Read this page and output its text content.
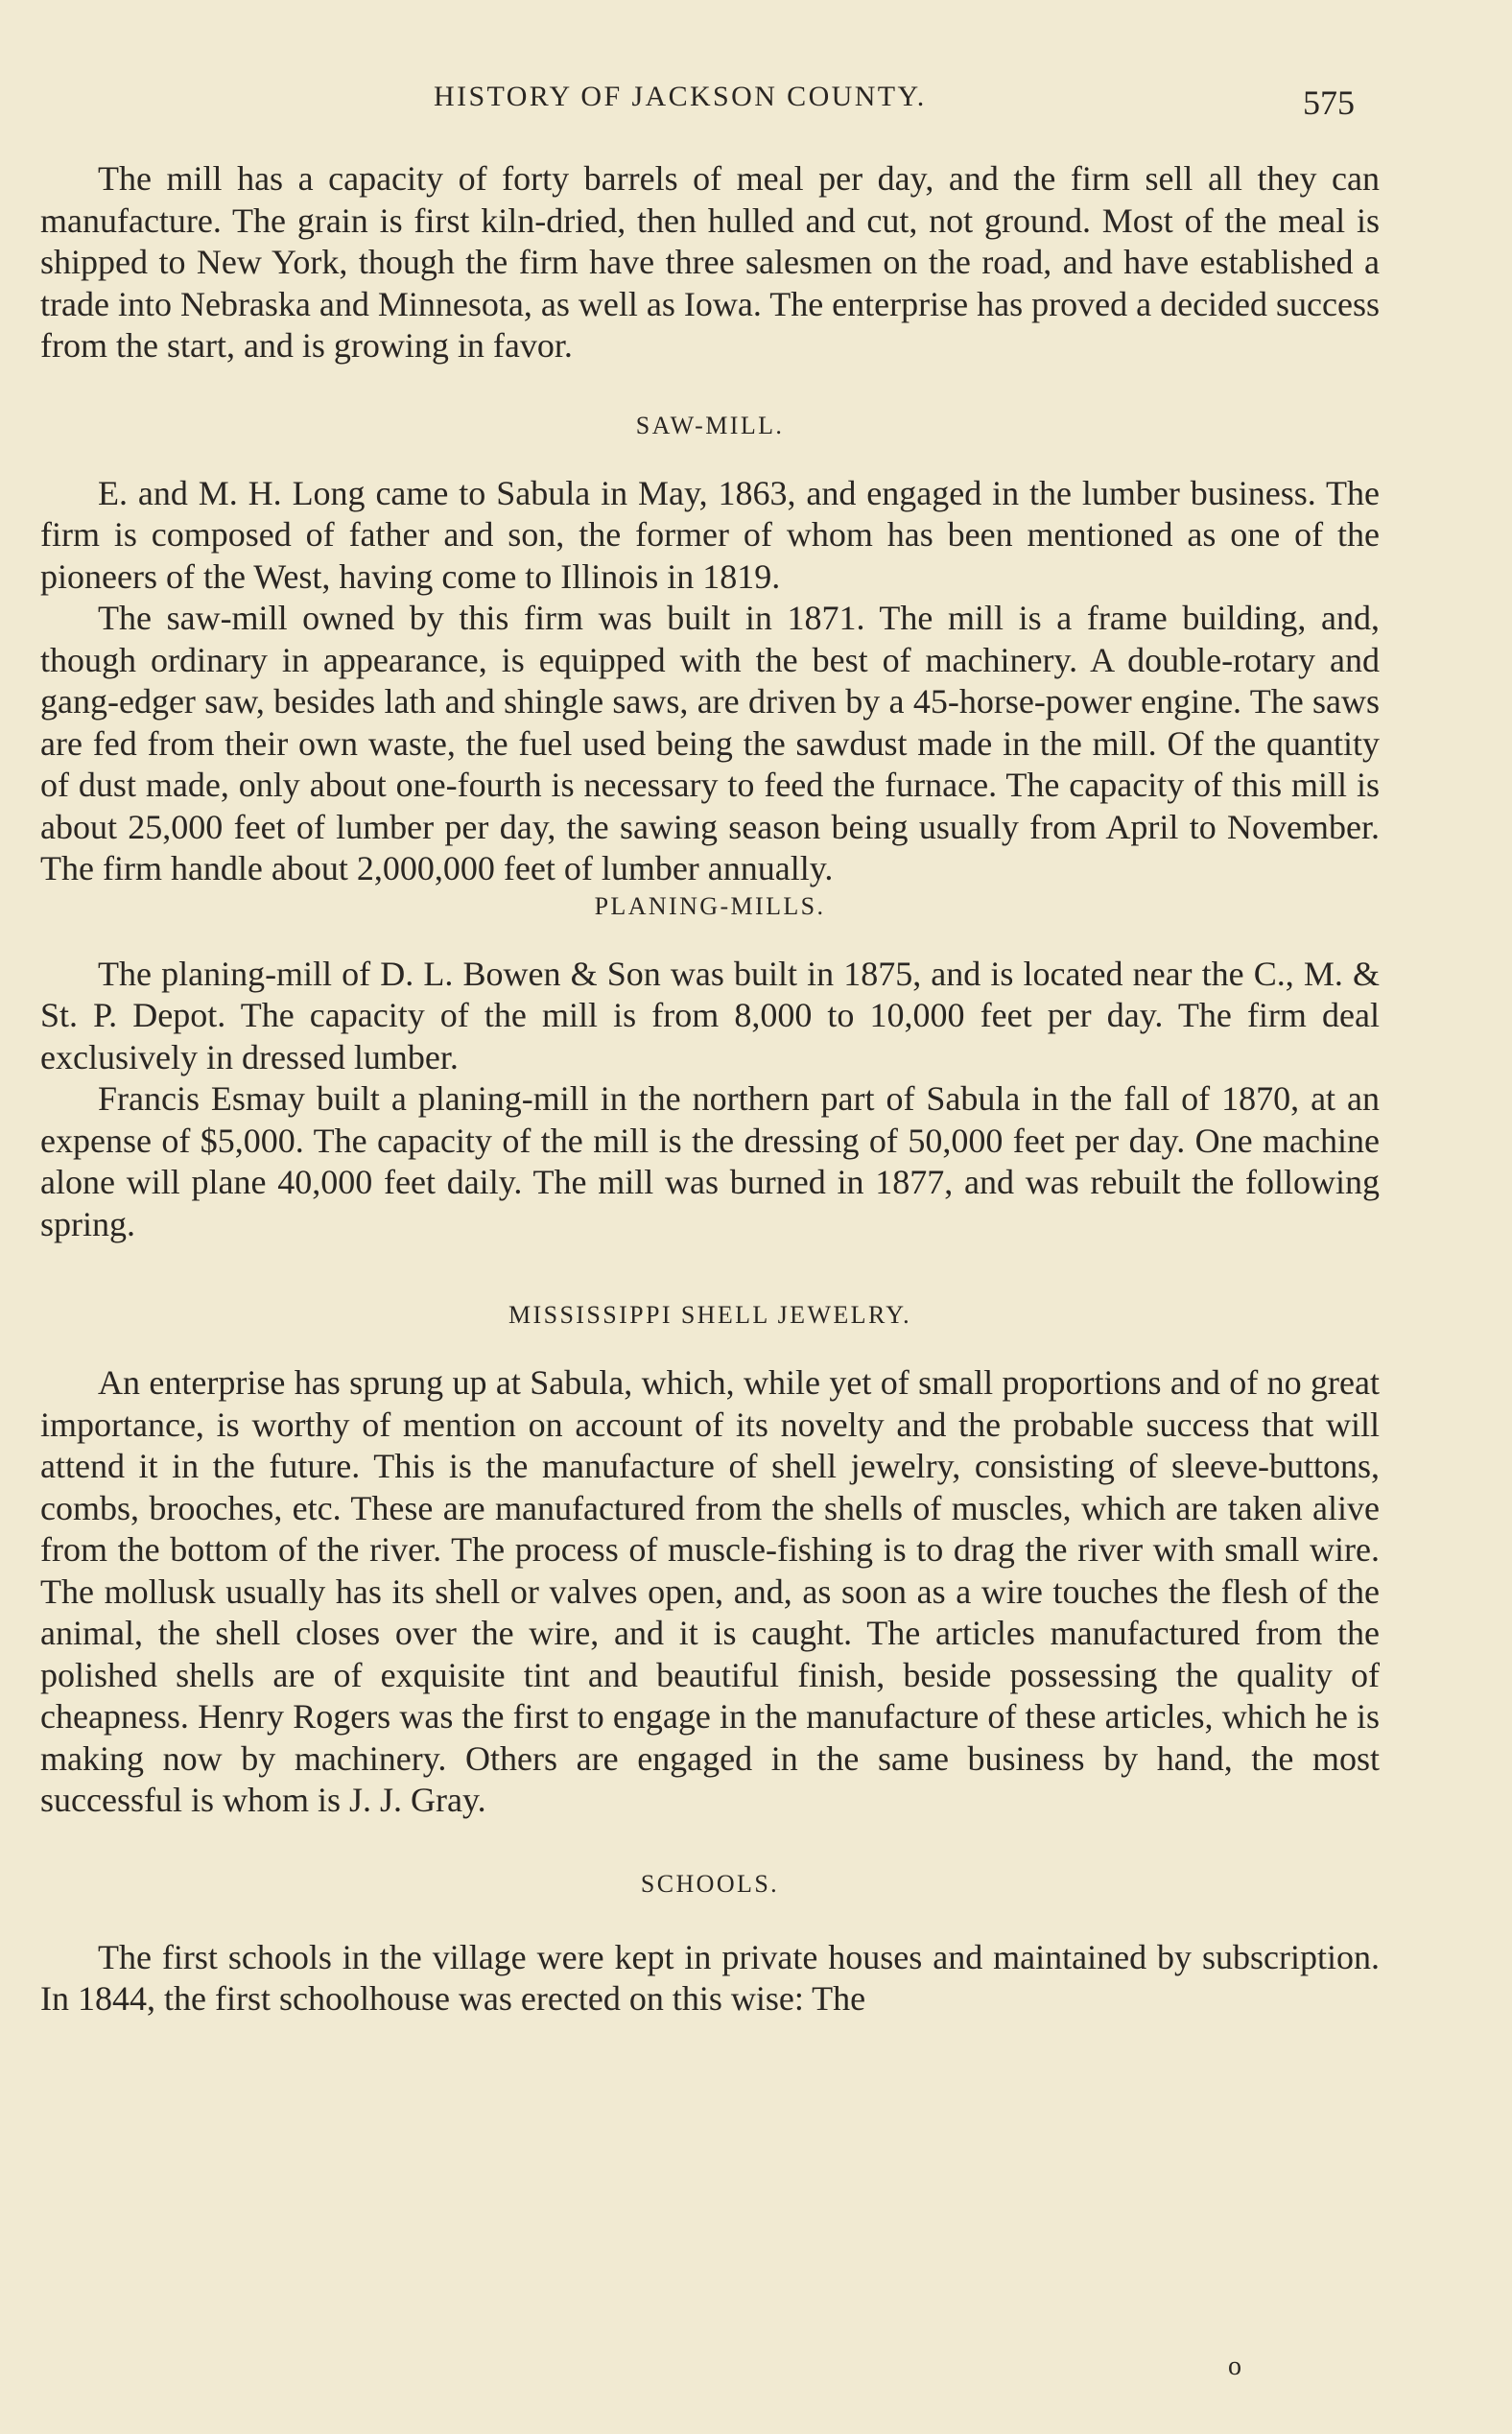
HISTORY OF JACKSON COUNTY.	575

The mill has a capacity of forty barrels of meal per day, and the firm sell all they can manufacture. The grain is first kiln-dried, then hulled and cut, not ground. Most of the meal is shipped to New York, though the firm have three salesmen on the road, and have established a trade into Nebraska and Minnesota, as well as Iowa. The enterprise has proved a decided success from the start, and is growing in favor.

SAW-MILL.

E. and M. H. Long came to Sabula in May, 1863, and engaged in the lumber business. The firm is composed of father and son, the former of whom has been mentioned as one of the pioneers of the West, having come to Illinois in 1819.

The saw-mill owned by this firm was built in 1871. The mill is a frame building, and, though ordinary in appearance, is equipped with the best of machinery. A double-rotary and gang-edger saw, besides lath and shingle saws, are driven by a 45-horse-power engine. The saws are fed from their own waste, the fuel used being the sawdust made in the mill. Of the quantity of dust made, only about one-fourth is necessary to feed the furnace. The capacity of this mill is about 25,000 feet of lumber per day, the sawing season being usually from April to November. The firm handle about 2,000,000 feet of lumber annually.

PLANING-MILLS.

The planing-mill of D. L. Bowen & Son was built in 1875, and is located near the C., M. & St. P. Depot. The capacity of the mill is from 8,000 to 10,000 feet per day. The firm deal exclusively in dressed lumber.

Francis Esmay built a planing-mill in the northern part of Sabula in the fall of 1870, at an expense of $5,000. The capacity of the mill is the dressing of 50,000 feet per day. One machine alone will plane 40,000 feet daily. The mill was burned in 1877, and was rebuilt the following spring.

MISSISSIPPI SHELL JEWELRY.

An enterprise has sprung up at Sabula, which, while yet of small proportions and of no great importance, is worthy of mention on account of its novelty and the probable success that will attend it in the future. This is the manufacture of shell jewelry, consisting of sleeve-buttons, combs, brooches, etc. These are manufactured from the shells of muscles, which are taken alive from the bottom of the river. The process of muscle-fishing is to drag the river with small wire. The mollusk usually has its shell or valves open, and, as soon as a wire touches the flesh of the animal, the shell closes over the wire, and it is caught. The articles manufactured from the polished shells are of exquisite tint and beautiful finish, beside possessing the quality of cheapness. Henry Rogers was the first to engage in the manufacture of these articles, which he is making now by machinery. Others are engaged in the same business by hand, the most successful is whom is J. J. Gray.

SCHOOLS.

The first schools in the village were kept in private houses and maintained by subscription. In 1844, the first schoolhouse was erected on this wise: The

o
